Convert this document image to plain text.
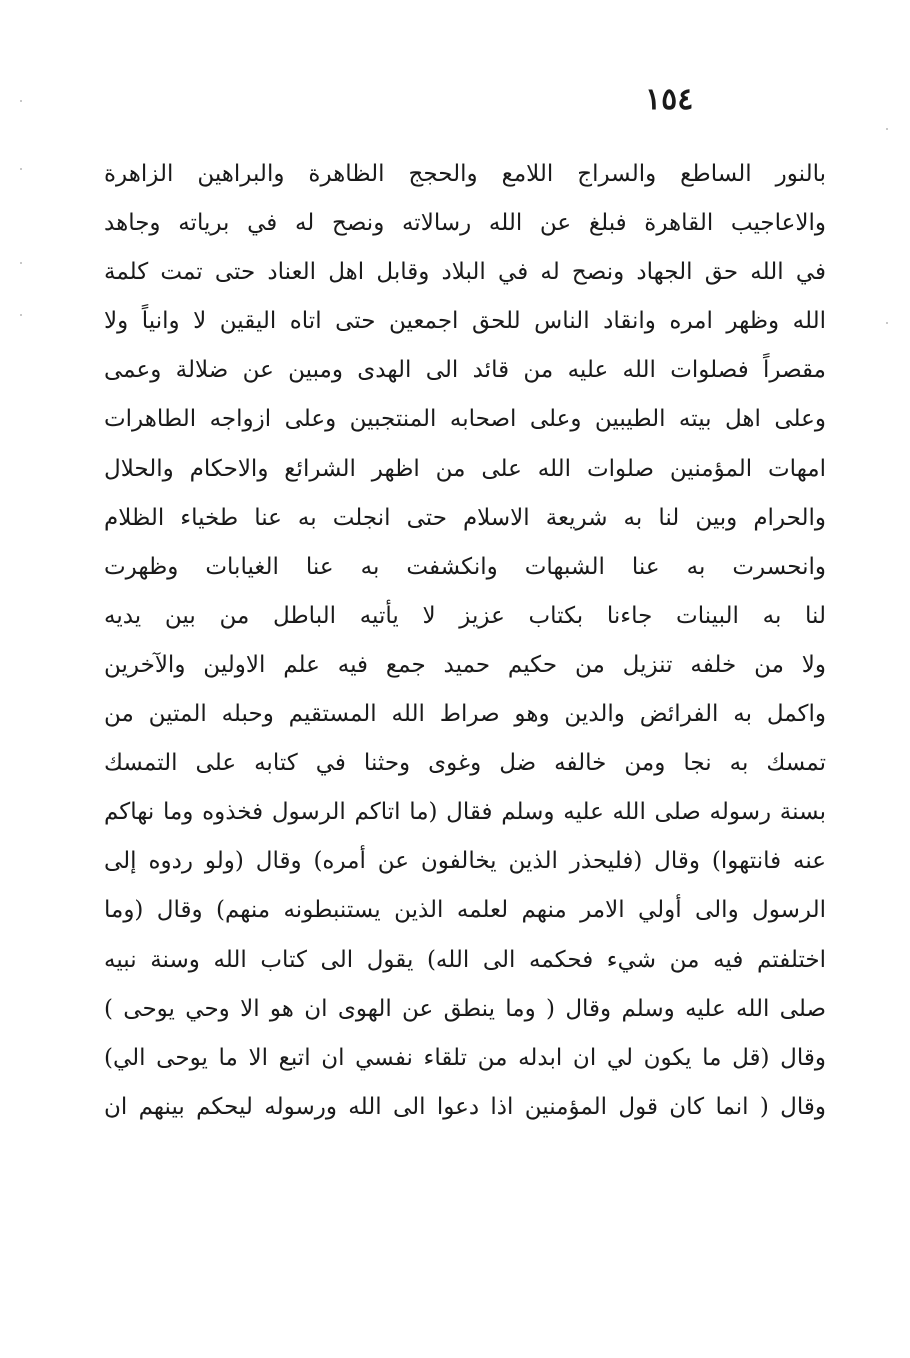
١٥٤
بالنور الساطع والسراج اللامع والحجج الظاهرة والبراهين الزاهرة
والاعاجيب القاهرة فبلغ عن الله رسالاته ونصح له في برياته وجاهد
في الله حق الجهاد ونصح له في البلاد وقابل اهل العناد حتى تمت كلمة
الله وظهر امره وانقاد الناس للحق اجمعين حتى اتاه اليقين لا وانياً ولا
مقصراً فصلوات الله عليه من قائد الى الهدى ومبين عن ضلالة وعمى
وعلى اهل بيته الطيبين وعلى اصحابه المنتجبين وعلى ازواجه الطاهرات
امهات المؤمنين صلوات الله على من اظهر الشرائع والاحكام والحلال
والحرام وبين لنا به شريعة الاسلام حتى انجلت به عنا طخياء الظلام
وانحسرت به عنا الشبهات وانكشفت به عنا الغيابات وظهرت
لنا به البينات جاءنا بكتاب عزيز لا يأتيه الباطل من بين يديه
ولا من خلفه تنزيل من حكيم حميد جمع فيه علم الاولين والآخرين
واكمل به الفرائض والدين وهو صراط الله المستقيم وحبله المتين من
تمسك به نجا ومن خالفه ضل وغوى وحثنا في كتابه على التمسك
بسنة رسوله صلى الله عليه وسلم فقال (ما اتاكم الرسول فخذوه وما نهاكم
عنه فانتهوا) وقال (فليحذر الذين يخالفون عن أمره) وقال (ولو ردوه إلى
الرسول والى أولي الامر منهم لعلمه الذين يستنبطونه منهم) وقال (وما
اختلفتم فيه من شيء فحكمه الى الله) يقول الى كتاب الله وسنة نبيه
صلى الله عليه وسلم وقال ( وما ينطق عن الهوى ان هو الا وحي يوحى )
وقال (قل ما يكون لي ان ابدله من تلقاء نفسي ان اتبع الا ما يوحى الي)
وقال ( انما كان قول المؤمنين اذا دعوا الى الله ورسوله ليحكم بينهم ان
